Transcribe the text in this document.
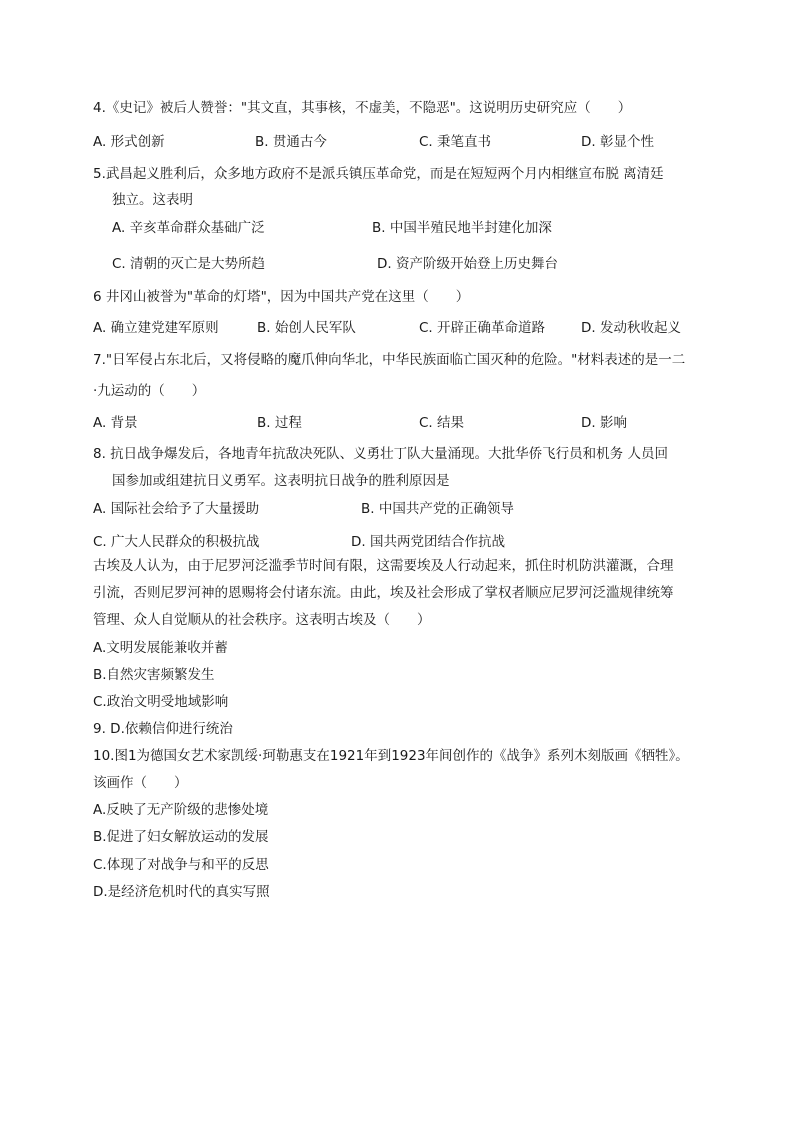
4.《史记》被后人赞誉："其文直，其事核，不虚美，不隐恶"。这说明历史研究应（　　）
A. 形式创新	B. 贯通古今	C. 秉笔直书	D. 彰显个性
5.武昌起义胜利后，众多地方政府不是派兵镇压革命党，而是在短短两个月内相继宣布脱 离清廷
独立。这表明
A. 辛亥革命群众基础广泛	B. 中国半殖民地半封建化加深
C. 清朝的灭亡是大势所趋	D. 资产阶级开始登上历史舞台
6 井冈山被誉为"革命的灯塔"，因为中国共产党在这里（　　）
A. 确立建党建军原则	B. 始创人民军队	C. 开辟正确革命道路	D. 发动秋收起义
7."日军侵占东北后，又将侵略的魔爪伸向华北，中华民族面临亡国灭种的危险。"材料表述的是一二
·九运动的（　　）
A. 背景	B. 过程	C. 结果	D. 影响
8. 抗日战争爆发后，各地青年抗敌决死队、义勇壮丁队大量涌现。大批华侨飞行员和机务 人员回
国参加或组建抗日义勇军。这表明抗日战争的胜利原因是
A. 国际社会给予了大量援助	B. 中国共产党的正确领导
C. 广大人民群众的积极抗战	D. 国共两党团结合作抗战
古埃及人认为，由于尼罗河泛滥季节时间有限，这需要埃及人行动起来，抓住时机防洪灌溉，合理
引流，否则尼罗河神的恩赐将会付诸东流。由此，埃及社会形成了掌权者顺应尼罗河泛滥规律统筹
管理、众人自觉顺从的社会秩序。这表明古埃及（　　）
A.文明发展能兼收并蓄
B.自然灾害频繁发生
C.政治文明受地域影响
9. D.依赖信仰进行统治
10.图1为德国女艺术家凯绥·珂勒惠支在1921年到1923年间创作的《战争》系列木刻版画《牺牲》。
该画作（　　）
A.反映了无产阶级的悲惨处境
B.促进了妇女解放运动的发展
C.体现了对战争与和平的反思
D.是经济危机时代的真实写照
